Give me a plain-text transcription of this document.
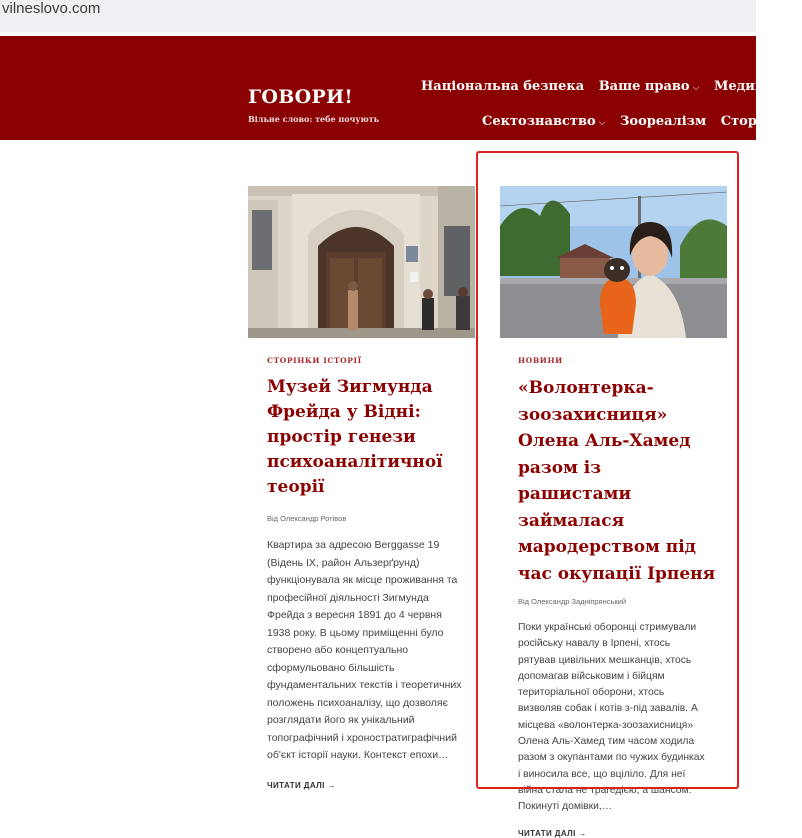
vilneslovo.com
ГОВОРИ!
Вільне слово: тебе почують
Національна безпека Ваше право ⌵ Медицина
Сектознавство ⌵ Зооpеалізм Сторінки
СТОРІНКИ ІСТОРІЇ
Музей Зигмунда Фрейда у Відні: простір генези психоаналітичної теорії
Від Олександр Ротівов
Квартира за адресою Berggasse 19 (Відень IX, район Альзерґрунд) функціонувала як місце проживання та професійної діяльності Зигмунда Фрейда з вересня 1891 до 4 червня 1938 року. В цьому приміщенні було створено або концептуально сформульовано більшість фундаментальних текстів і теоретичних положень психоаналізу, що дозволяє розглядати його як унікальний топографічний і хроностратиграфічний об'єкт історії науки. Контекст епохи…
ЧИТАТИ ДАЛІ →
НОВИНИ
«Волонтерка-зоозахисниця» Олена Аль-Хамед разом із рашистами займалася мародерством під час окупації Ірпеня
Від Олександр Задніпрянський
Поки українські оборонці стримували російську навалу в Ірпені, хтось рятував цивільних мешканців, хтось допомагав військовим і бійцям територіальної оборони, хтось визволяв собак і котів з-під завалів. А місцева «волонтерка-зоозахисниця» Олена Аль-Хамед тим часом ходила разом з окупантами по чужих будинках і виносила все, що вціліло. Для неї війна стала не трагедією, а шансом. Покинуті домівки,…
ЧИТАТИ ДАЛІ →
